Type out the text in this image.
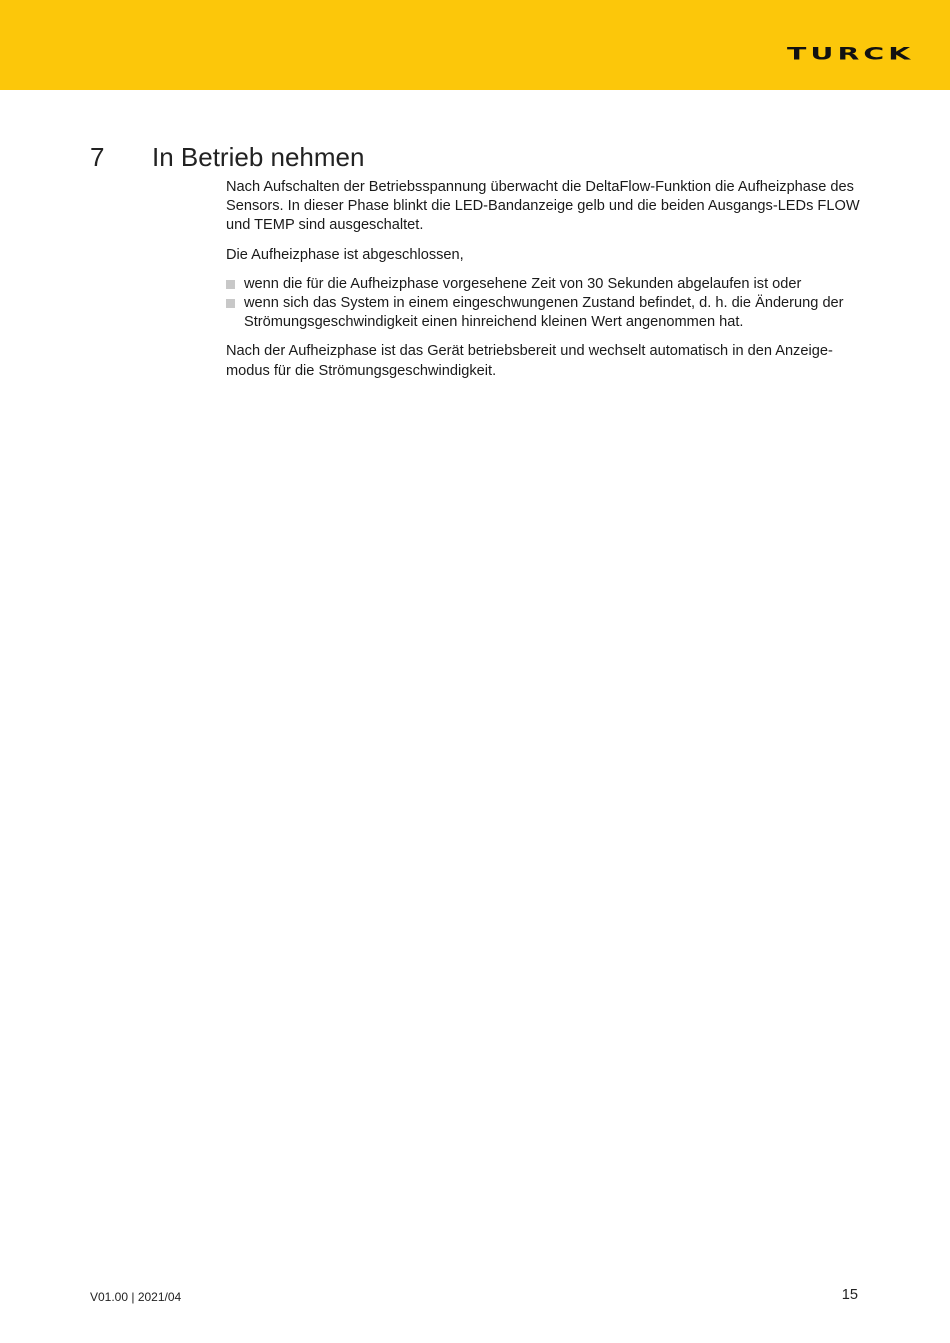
TURCK
7 In Betrieb nehmen

Nach Aufschalten der Betriebsspannung überwacht die DeltaFlow-Funktion die Aufheizphase des Sensors. In dieser Phase blinkt die LED-Bandanzeige gelb und die beiden Ausgangs-LEDs FLOW und TEMP sind ausgeschaltet.

Die Aufheizphase ist abgeschlossen,

wenn die für die Aufheizphase vorgesehene Zeit von 30 Sekunden abgelaufen ist oder
wenn sich das System in einem eingeschwungenen Zustand befindet, d. h. die Änderung der Strömungsgeschwindigkeit einen hinreichend kleinen Wert angenommen hat.

Nach der Aufheizphase ist das Gerät betriebsbereit und wechselt automatisch in den Anzeige- modus für die Strömungsgeschwindigkeit.

V01.00 | 2021/04	15
